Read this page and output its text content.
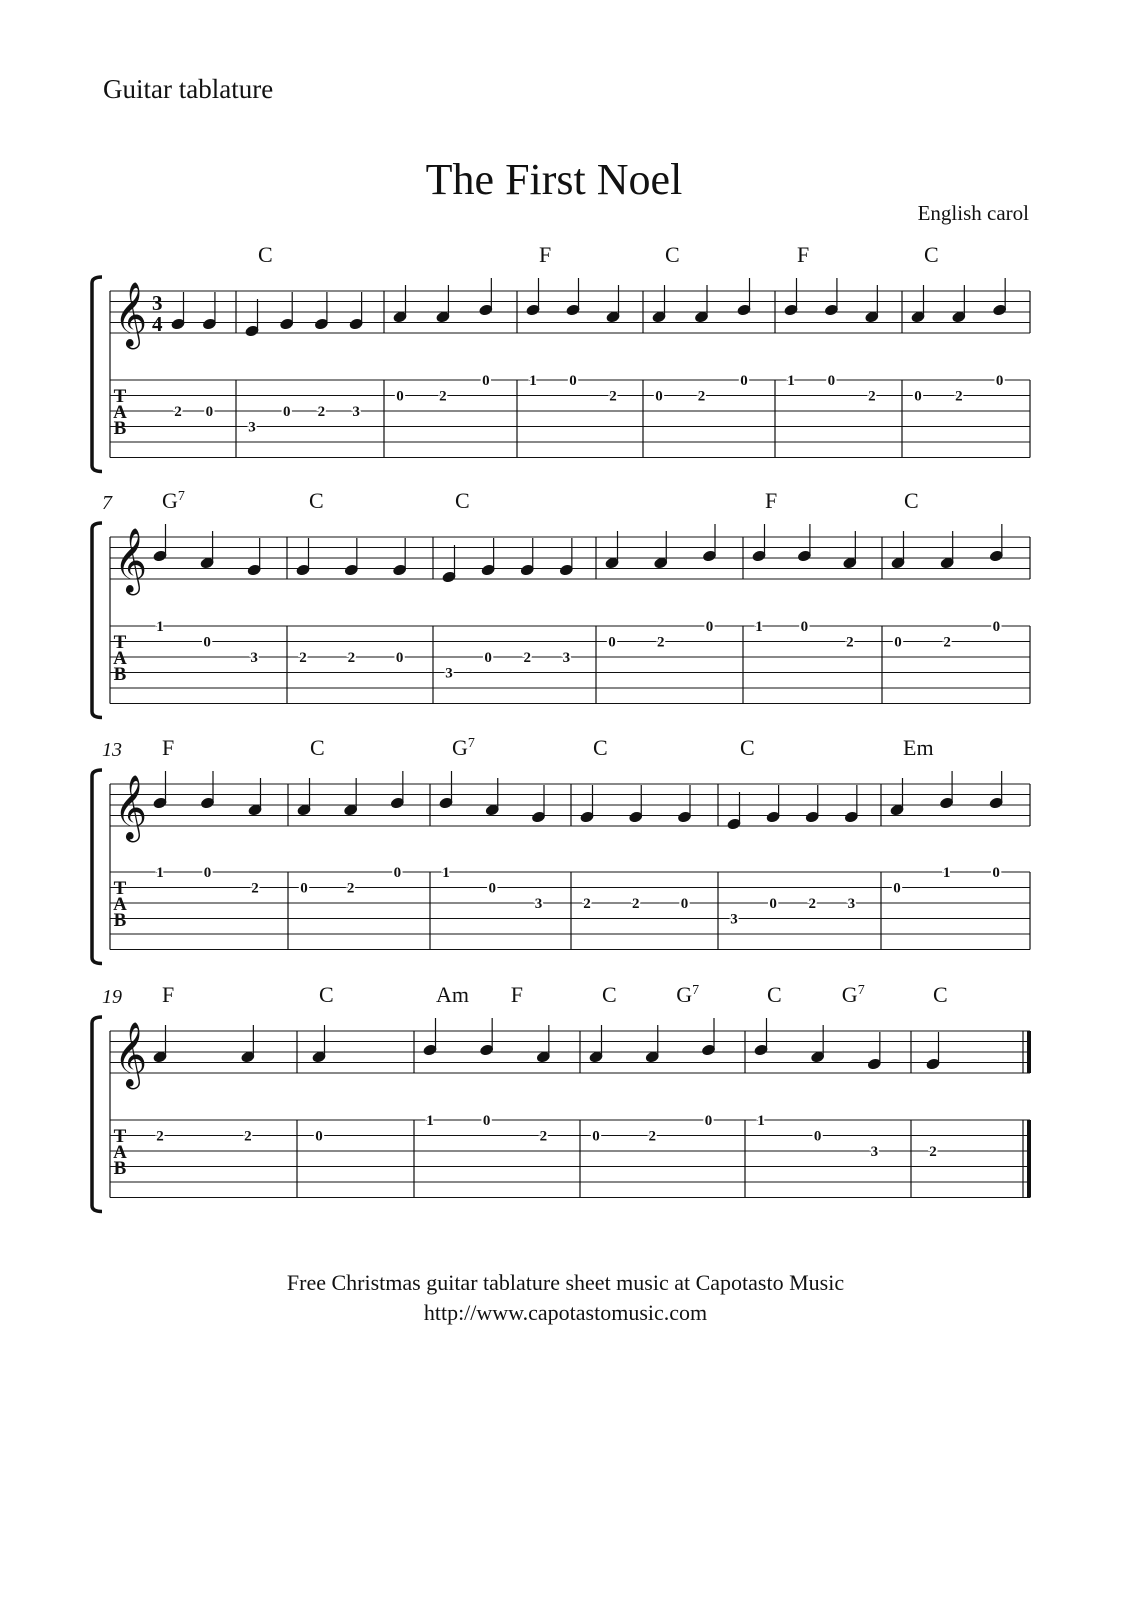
Guitar tablature
The First Noel
English carol
𝄞 3
4
T
A
B
2 0
C
3
0 2 3
0 2
0
F
1 0
2
C
0 2
0
F
1 0
2
C
0 2
0
𝄞
T
A
B
7 $G^7$
1
0
3
C
2	2	0
C
3
0 2 3
0	2
0
F
1	0
2
C
0	2
0
𝄞
T
A
B
13 F
1	0
2
C
0	2
0
$G^7$
1
0
3
C
2	2	0
C
3
0 2 3
Em
0
1	0
𝄞
T
A
B
19 F
2	2
C
0
Am F
1	0
2
C	$G^7$
0	2
0
C	$G^7$
1
0
3
C
2
Free Christmas guitar tablature sheet music at Capotasto Music
http://www.capotastomusic.com
